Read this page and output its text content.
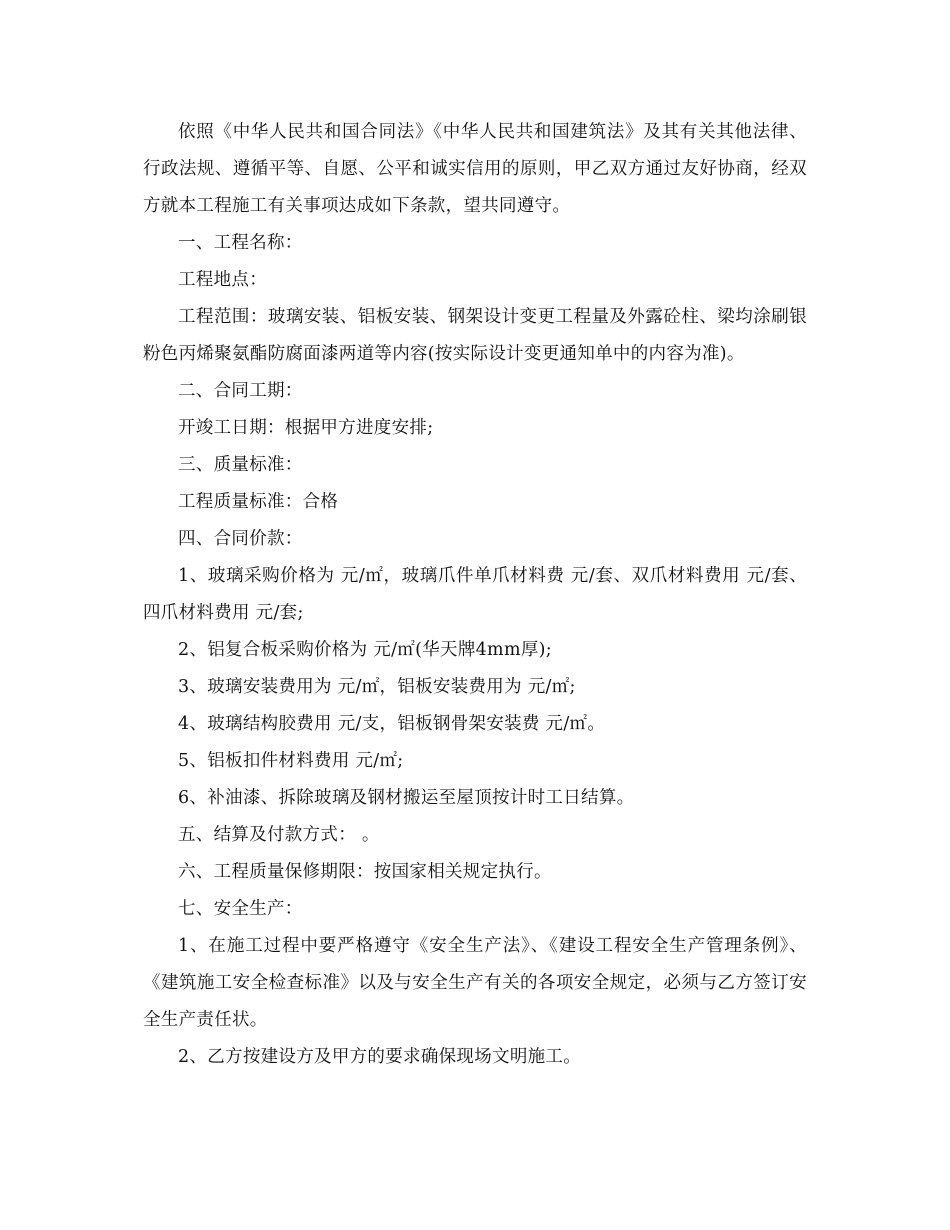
依照《中华人民共和国合同法》《中华人民共和国建筑法》及其有关其他法律、行政法规、遵循平等、自愿、公平和诚实信用的原则，甲乙双方通过友好协商，经双方就本工程施工有关事项达成如下条款，望共同遵守。

一、工程名称：

工程地点：

工程范围：玻璃安装、铝板安装、钢架设计变更工程量及外露砼柱、梁均涂刷银粉色丙烯聚氨酯防腐面漆两道等内容(按实际设计变更通知单中的内容为准)。

二、合同工期：

开竣工日期：根据甲方进度安排;

三、质量标准：

工程质量标准：合格

四、合同价款：

1、玻璃采购价格为 元/㎡，玻璃爪件单爪材料费 元/套、双爪材料费用 元/套、四爪材料费用 元/套;

2、铝复合板采购价格为 元/㎡(华天牌4mm厚);

3、玻璃安装费用为 元/㎡，铝板安装费用为 元/㎡;

4、玻璃结构胶费用 元/支，铝板钢骨架安装费 元/㎡。

5、铝板扣件材料费用 元/㎡;

6、补油漆、拆除玻璃及钢材搬运至屋顶按计时工日结算。

五、结算及付款方式： 。

六、工程质量保修期限：按国家相关规定执行。

七、安全生产：

1、在施工过程中要严格遵守《安全生产法》、《建设工程安全生产管理条例》、《建筑施工安全检查标准》以及与安全生产有关的各项安全规定，必须与乙方签订安全生产责任状。

2、乙方按建设方及甲方的要求确保现场文明施工。
